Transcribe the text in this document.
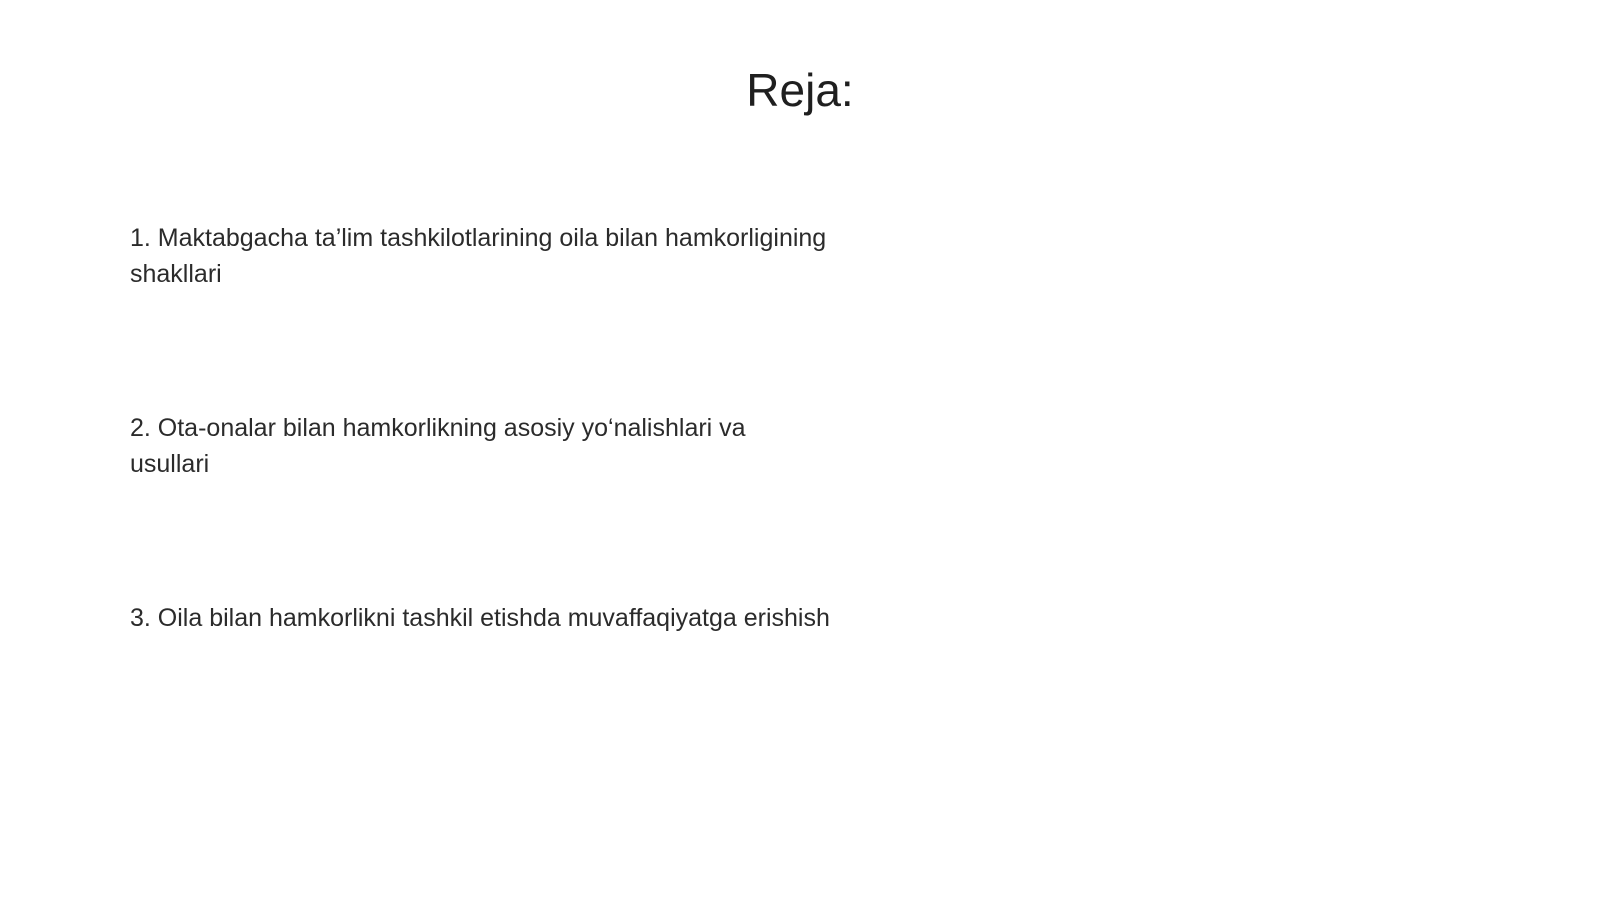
Reja:
1. Maktabgacha ta’lim tashkilotlarining oila bilan hamkorligining shakllari
2. Ota-onalar bilan hamkorlikning asosiy yo‘nalishlari va usullari
3. Oila bilan hamkorlikni tashkil etishda muvaffaqiyatga erishish
